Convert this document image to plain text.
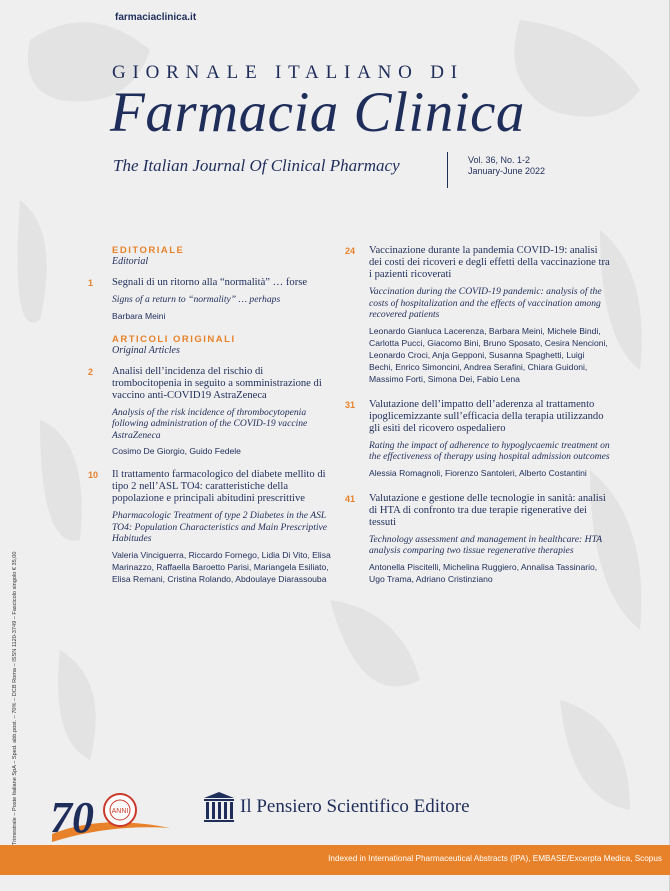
farmaciaclinica.it
GIORNALE ITALIANO DI
Farmacia Clinica
The Italian Journal Of Clinical Pharmacy	Vol. 36, No. 1-2
January-June 2022
Trimestrale – Poste Italiane SpA – Sped. abb.post. – 70% – DCB Roma – ISSN 1120-3749 – Fascicolo singolo € 35,00
EDITORIALE
Editorial
1 Segnali di un ritorno alla “normalità” … forse
Signs of a return to “normality” … perhaps
Barbara Meini
ARTICOLI ORIGINALI
Original Articles
2 Analisi dell’incidenza del rischio di trombocitopenia in seguito a somministrazione di vaccino anti-COVID19 AstraZeneca
Analysis of the risk incidence of thrombocytopenia following administration of the COVID-19 vaccine AstraZeneca
Cosimo De Giorgio, Guido Fedele
10 Il trattamento farmacologico del diabete mellito di tipo 2 nell’ASL TO4: caratteristiche della popolazione e principali abitudini prescrittive
Pharmacologic Treatment of type 2 Diabetes in the ASL TO4: Population Characteristics and Main Prescriptive Habitudes
Valeria Vinciguerra, Riccardo Fornego, Lidia Di Vito, Elisa Marinazzo, Raffaella Baroetto Parisi, Mariangela Esiliato, Elisa Remani, Cristina Rolando, Abdoulaye Diarassouba
24 Vaccinazione durante la pandemia COVID-19: analisi dei costi dei ricoveri e degli effetti della vaccinazione tra i pazienti ricoverati
Vaccination during the COVID-19 pandemic: analysis of the costs of hospitalization and the effects of vaccination among recovered patients
Leonardo Gianluca Lacerenza, Barbara Meini, Michele Bindi, Carlotta Pucci, Giacomo Bini, Bruno Sposato, Cesira Nencioni, Leonardo Croci, Anja Gepponi, Susanna Spaghetti, Luigi Bechi, Enrico Simoncini, Andrea Serafini, Chiara Guidoni, Massimo Forti, Simona Dei, Fabio Lena
31 Valutazione dell’impatto dell’aderenza al trattamento ipoglicemizzante sull’efficacia della terapia utilizzando gli esiti del ricovero ospedaliero
Rating the impact of adherence to hypoglycaemic treatment on the effectiveness of therapy using hospital admission outcomes
Alessia Romagnoli, Fiorenzo Santoleri, Alberto Costantini
41 Valutazione e gestione delle tecnologie in sanità: analisi di HTA di confronto tra due terapie rigenerative dei tessuti
Technology assessment and management in healthcare: HTA analysis comparing two tissue regenerative therapies
Antonella Piscitelli, Michelina Ruggiero, Annalisa Tassinario, Ugo Trama, Adriano Cristinziano
ANNI
70	Il Pensiero Scientifico Editore
Indexed in International Pharmaceutical Abstracts (IPA), EMBASE/Excerpta Medica, Scopus
